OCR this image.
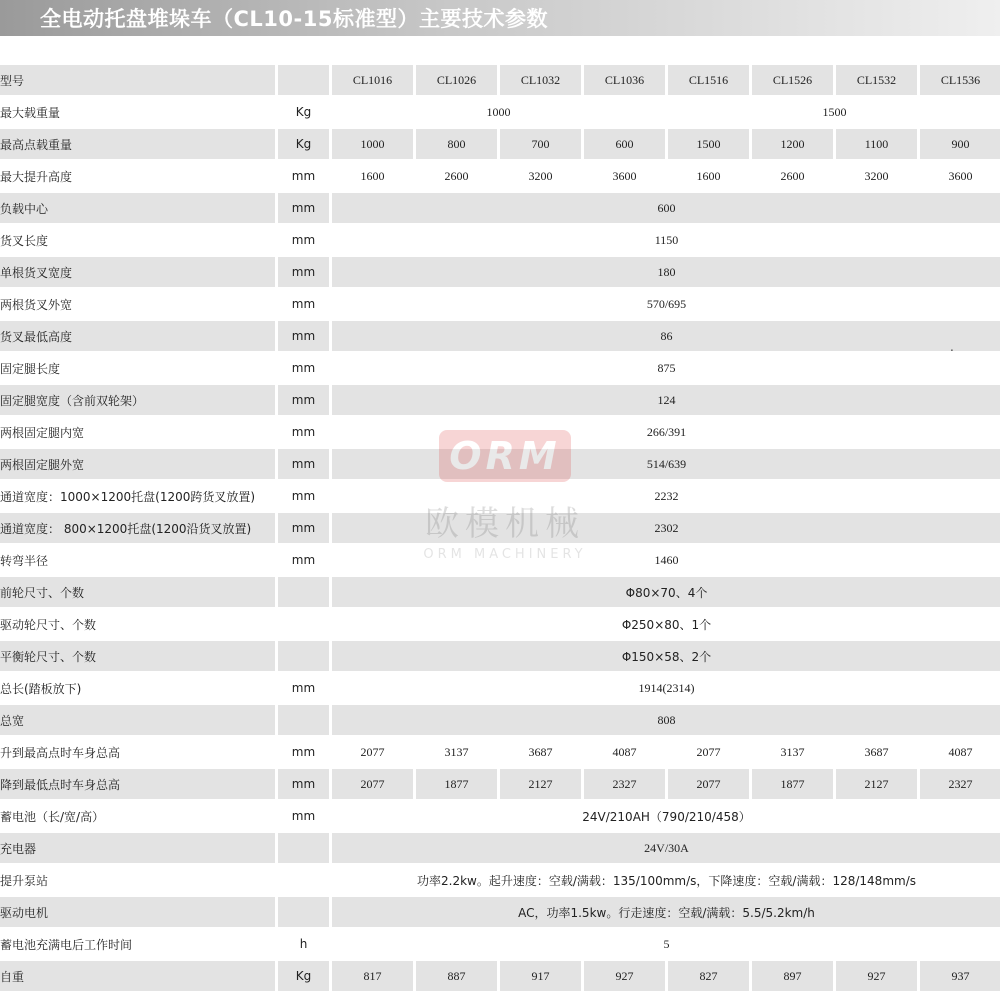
全电动托盘堆垛车（CL10-15标准型）主要技术参数
型号		CL1016	CL1026	CL1032	CL1036	CL1516	CL1526	CL1532	CL1536
最大载重量	Kg	1000				1500			
最高点载重量	Kg	1000	800	700	600	1500	1200	1100	900
最大提升高度	mm	1600	2600	3200	3600	1600	2600	3200	3600
负载中心	mm	600							
货叉长度	mm	1150							
单根货叉宽度	mm	180							
两根货叉外宽	mm	570/695							
货叉最低高度	mm	86							
固定腿长度	mm	875							
固定腿宽度（含前双轮架）	mm	124							
两根固定腿内宽	mm	266/391							
两根固定腿外宽	mm	514/639							
通道宽度：1000×1200托盘(1200跨货叉放置)	mm	2232							
通道宽度： 800×1200托盘(1200沿货叉放置)	mm	2302							
转弯半径	mm	1460							
前轮尺寸、个数		Φ80×70、4个							
驱动轮尺寸、个数		Φ250×80、1个							
平衡轮尺寸、个数		Φ150×58、2个							
总长(踏板放下)	mm	1914(2314)							
总宽		808							
升到最高点时车身总高	mm	2077	3137	3687	4087	2077	3137	3687	4087
降到最低点时车身总高	mm	2077	1877	2127	2327	2077	1877	2127	2327
蓄电池（长/宽/高）	mm	24V/210AH（790/210/458）							
充电器		24V/30A							
提升泵站		功率2.2kw。起升速度：空载/满载：135/100mm/s，下降速度：空载/满载：128/148mm/s							
驱动电机		AC，功率1.5kw。行走速度：空载/满载：5.5/5.2km/h							
蓄电池充满电后工作时间	h	5							
自重	Kg	817	887	917	927	827	897	927	937
ORM
欧模机械
ORM MACHINERY
.
